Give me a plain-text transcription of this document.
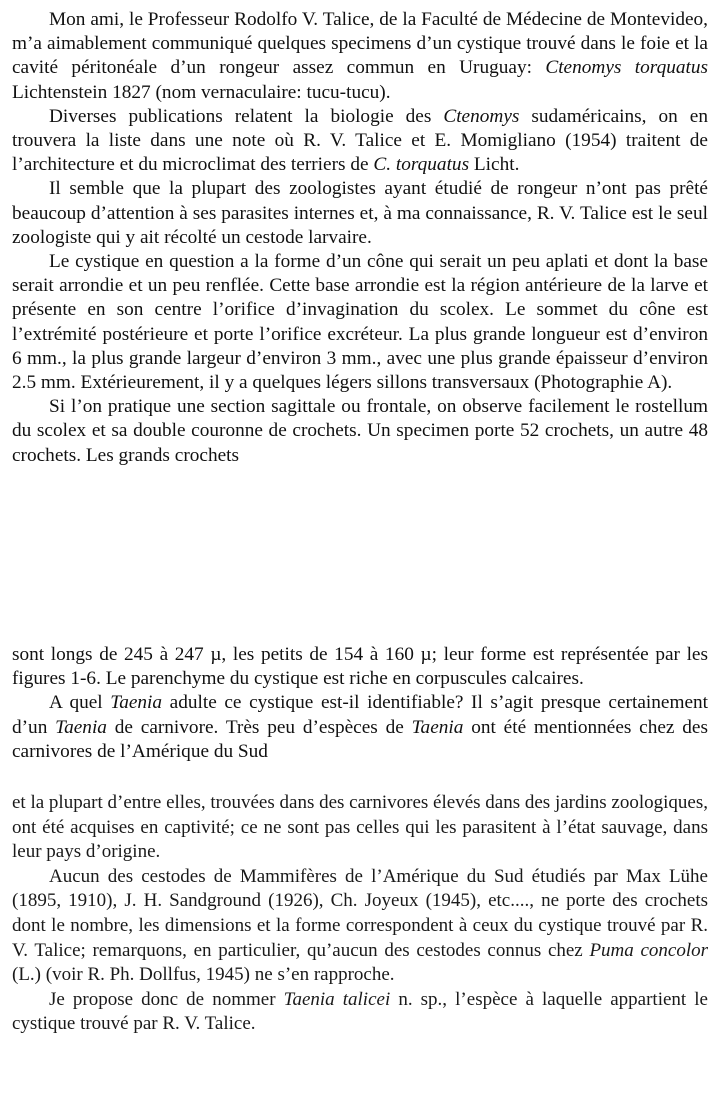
Mon ami, le Professeur Rodolfo V. Talice, de la Faculté de Médecine de Montevideo, m’a aimablement communiqué quelques specimens d’un cystique trouvé dans le foie et la cavité péritonéale d’un rongeur assez commun en Uruguay: Ctenomys torquatus Lichtenstein 1827 (nom vernaculaire: tucu-tucu).

Diverses publications relatent la biologie des Ctenomys sudaméricains, on en trouvera la liste dans une note où R. V. Talice et E. Momigliano (1954) traitent de l’architecture et du microclimat des terriers de C. torquatus Licht.

Il semble que la plupart des zoologistes ayant étudié de rongeur n’ont pas prêté beaucoup d’attention à ses parasites internes et, à ma connaissance, R. V. Talice est le seul zoologiste qui y ait récolté un cestode larvaire.

Le cystique en question a la forme d’un cône qui serait un peu aplati et dont la base serait arrondie et un peu renflée. Cette base arrondie est la région antérieure de la larve et présente en son centre l’orifice d’invagination du scolex. Le sommet du cône est l’extrémité postérieure et porte l’orifice excréteur. La plus grande longueur est d’environ 6 mm., la plus grande largeur d’environ 3 mm., avec une plus grande épaisseur d’environ 2.5 mm. Extérieurement, il y a quelques légers sillons transversaux (Photographie A).

Si l’on pratique une section sagittale ou frontale, on observe facilement le rostellum du scolex et sa double couronne de crochets. Un specimen porte 52 crochets, un autre 48 crochets. Les grands crochets

sont longs de 245 à 247 µ, les petits de 154 à 160 µ; leur forme est représentée par les figures 1-6. Le parenchyme du cystique est riche en corpuscules calcaires.

A quel Taenia adulte ce cystique est-il identifiable? Il s’agit presque certainement d’un Taenia de carnivore. Très peu d’espèces de Taenia ont été mentionnées chez des carnivores de l’Amérique du Sud

et la plupart d’entre elles, trouvées dans des carnivores élevés dans des jardins zoologiques, ont été acquises en captivité; ce ne sont pas celles qui les parasitent à l’état sauvage, dans leur pays d’origine.

Aucun des cestodes de Mammifères de l’Amérique du Sud étudiés par Max Lühe (1895, 1910), J. H. Sandground (1926), Ch. Joyeux (1945), etc...., ne porte des crochets dont le nombre, les dimensions et la forme correspondent à ceux du cystique trouvé par R. V. Talice; remarquons, en particulier, qu’aucun des cestodes connus chez Puma concolor (L.) (voir R. Ph. Dollfus, 1945) ne s’en rapproche.

Je propose donc de nommer Taenia talicei n. sp., l’espèce à laquelle appartient le cystique trouvé par R. V. Talice.
